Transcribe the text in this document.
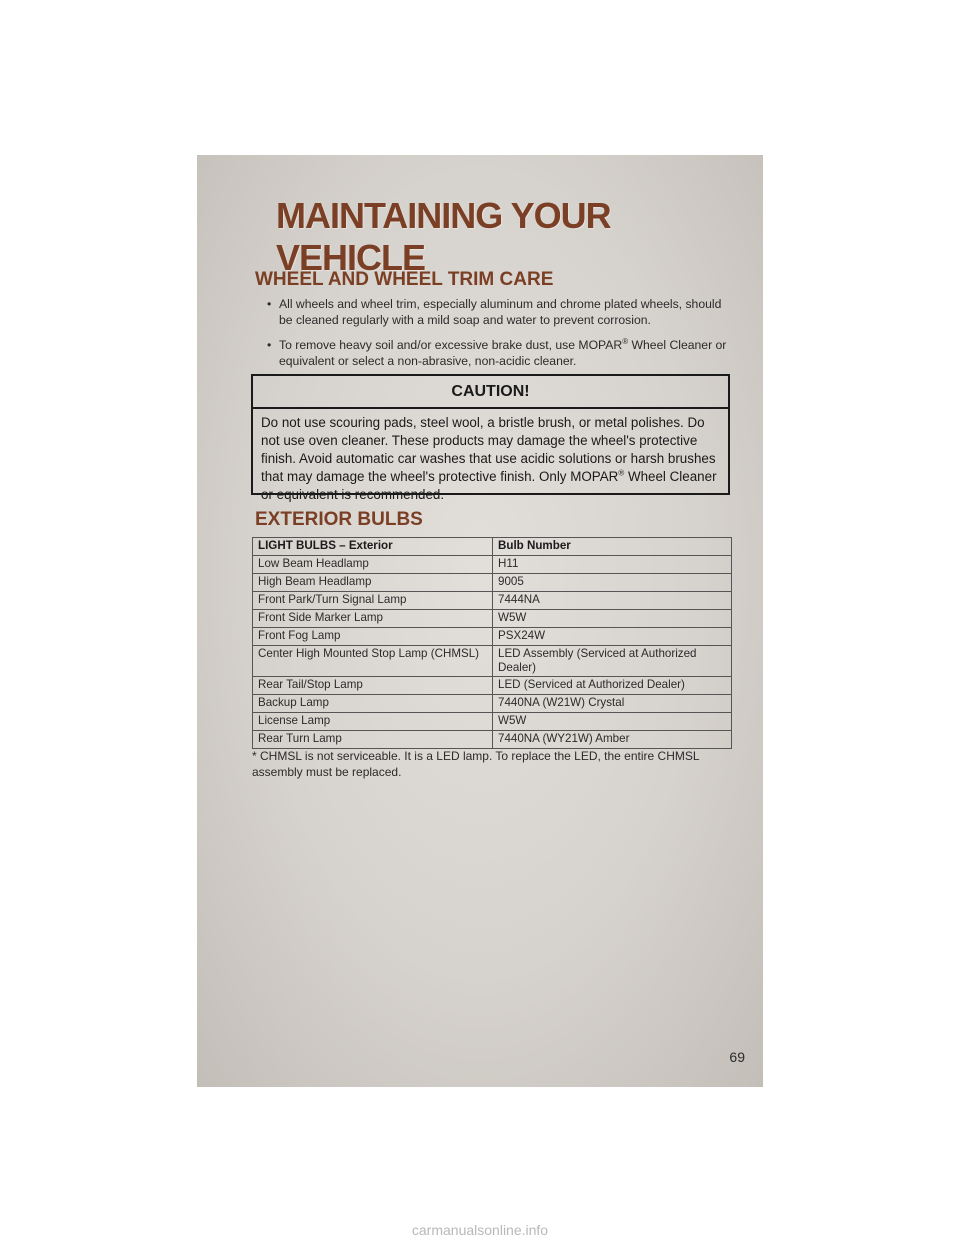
MAINTAINING YOUR VEHICLE
WHEEL AND WHEEL TRIM CARE
• All wheels and wheel trim, especially aluminum and chrome plated wheels, should be cleaned regularly with a mild soap and water to prevent corrosion.
• To remove heavy soil and/or excessive brake dust, use MOPAR® Wheel Cleaner or equivalent or select a non-abrasive, non-acidic cleaner.
CAUTION!
Do not use scouring pads, steel wool, a bristle brush, or metal polishes. Do not use oven cleaner. These products may damage the wheel's protective finish. Avoid automatic car washes that use acidic solutions or harsh brushes that may damage the wheel's protective finish. Only MOPAR® Wheel Cleaner or equivalent is recommended.
EXTERIOR BULBS
LIGHT BULBS – Exterior	Bulb Number
Low Beam Headlamp	H11
High Beam Headlamp	9005
Front Park/Turn Signal Lamp	7444NA
Front Side Marker Lamp	W5W
Front Fog Lamp	PSX24W
Center High Mounted Stop Lamp (CHMSL)	LED Assembly (Serviced at Authorized Dealer)
Rear Tail/Stop Lamp	LED (Serviced at Authorized Dealer)
Backup Lamp	7440NA (W21W) Crystal
License Lamp	W5W
Rear Turn Lamp	7440NA (WY21W) Amber
* CHMSL is not serviceable. It is a LED lamp. To replace the LED, the entire CHMSL assembly must be replaced.
69
carmanualsonline.info
